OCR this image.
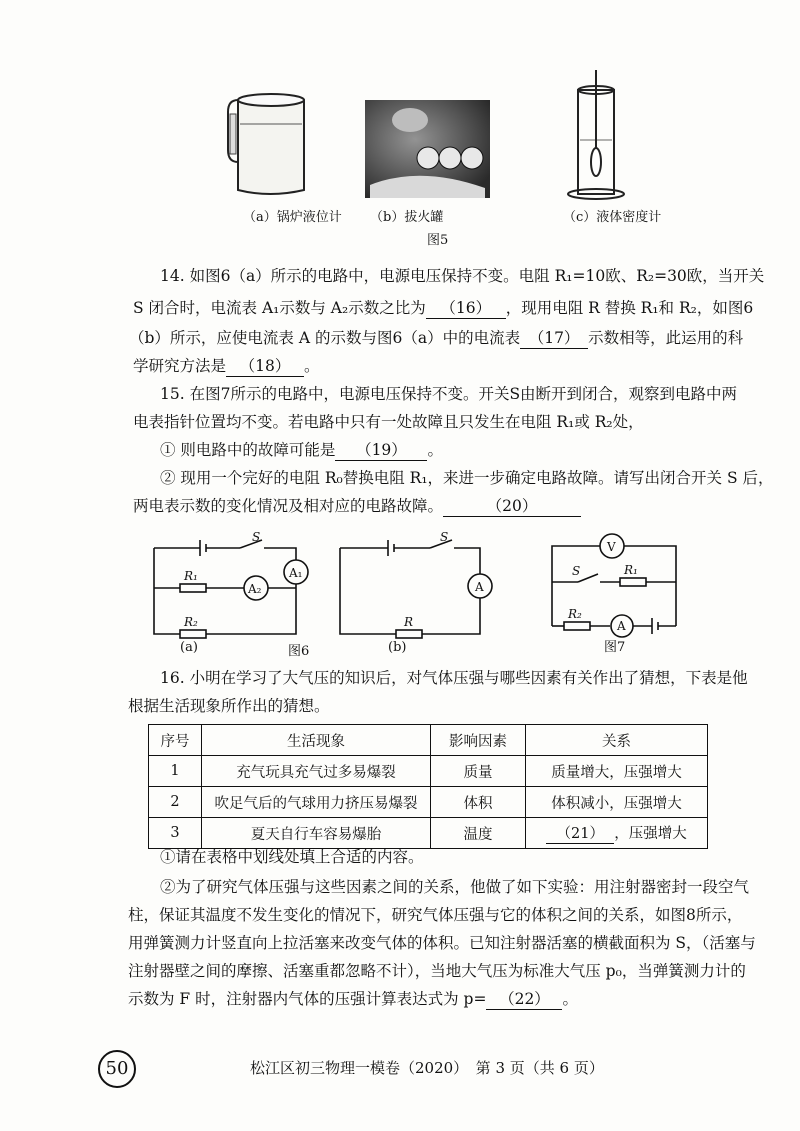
（a）锅炉液位计 （b）拔火罐	（c）液体密度计
图5
14. 如图6（a）所示的电路中，电源电压保持不变。电阻 R₁=10欧、R₂=30欧，当开关
S 闭合时，电流表 A₁示数与 A₂示数之比为 （16） ，现用电阻 R 替换 R₁和 R₂，如图6
（b）所示，应使电流表 A 的示数与图6（a）中的电流表 （17） 示数相等，此运用的科
学研究方法是 （18） 。
15. 在图7所示的电路中，电源电压保持不变。开关S由断开到闭合，观察到电路中两
电表指针位置均不变。若电路中只有一处故障且只发生在电阻 R₁或 R₂处，
① 则电路中的故障可能是 （19） 。
② 现用一个完好的电阻 R₀替换电阻 R₁，来进一步确定电路故障。请写出闭合开关 S 后，
两电表示数的变化情况及相对应的电路故障。	（20）
S
A₁
R₁
A₂
R₂
S
A
R
V
S	R₁
R₂
A
(a)	图6	(b)	图7
16. 小明在学习了大气压的知识后，对气体压强与哪些因素有关作出了猜想，下表是他
根据生活现象所作出的猜想。
序号	生活现象	影响因素	关系
1	充气玩具充气过多易爆裂	质量	质量增大，压强增大
2	吹足气后的气球用力挤压易爆裂	体积	体积减小，压强增大
3	夏天自行车容易爆胎	温度	（21） ，压强增大
①请在表格中划线处填上合适的内容。
②为了研究气体压强与这些因素之间的关系，他做了如下实验：用注射器密封一段空气
柱，保证其温度不发生变化的情况下，研究气体压强与它的体积之间的关系，如图8所示，
用弹簧测力计竖直向上拉活塞来改变气体的体积。已知注射器活塞的横截面积为 S，（活塞与
注射器壁之间的摩擦、活塞重都忽略不计），当地大气压为标准大气压 p₀，当弹簧测力计的
示数为 F 时，注射器内气体的压强计算表达式为 p= （22） 。
50	松江区初三物理一模卷（2020）　第 3 页（共 6 页）
